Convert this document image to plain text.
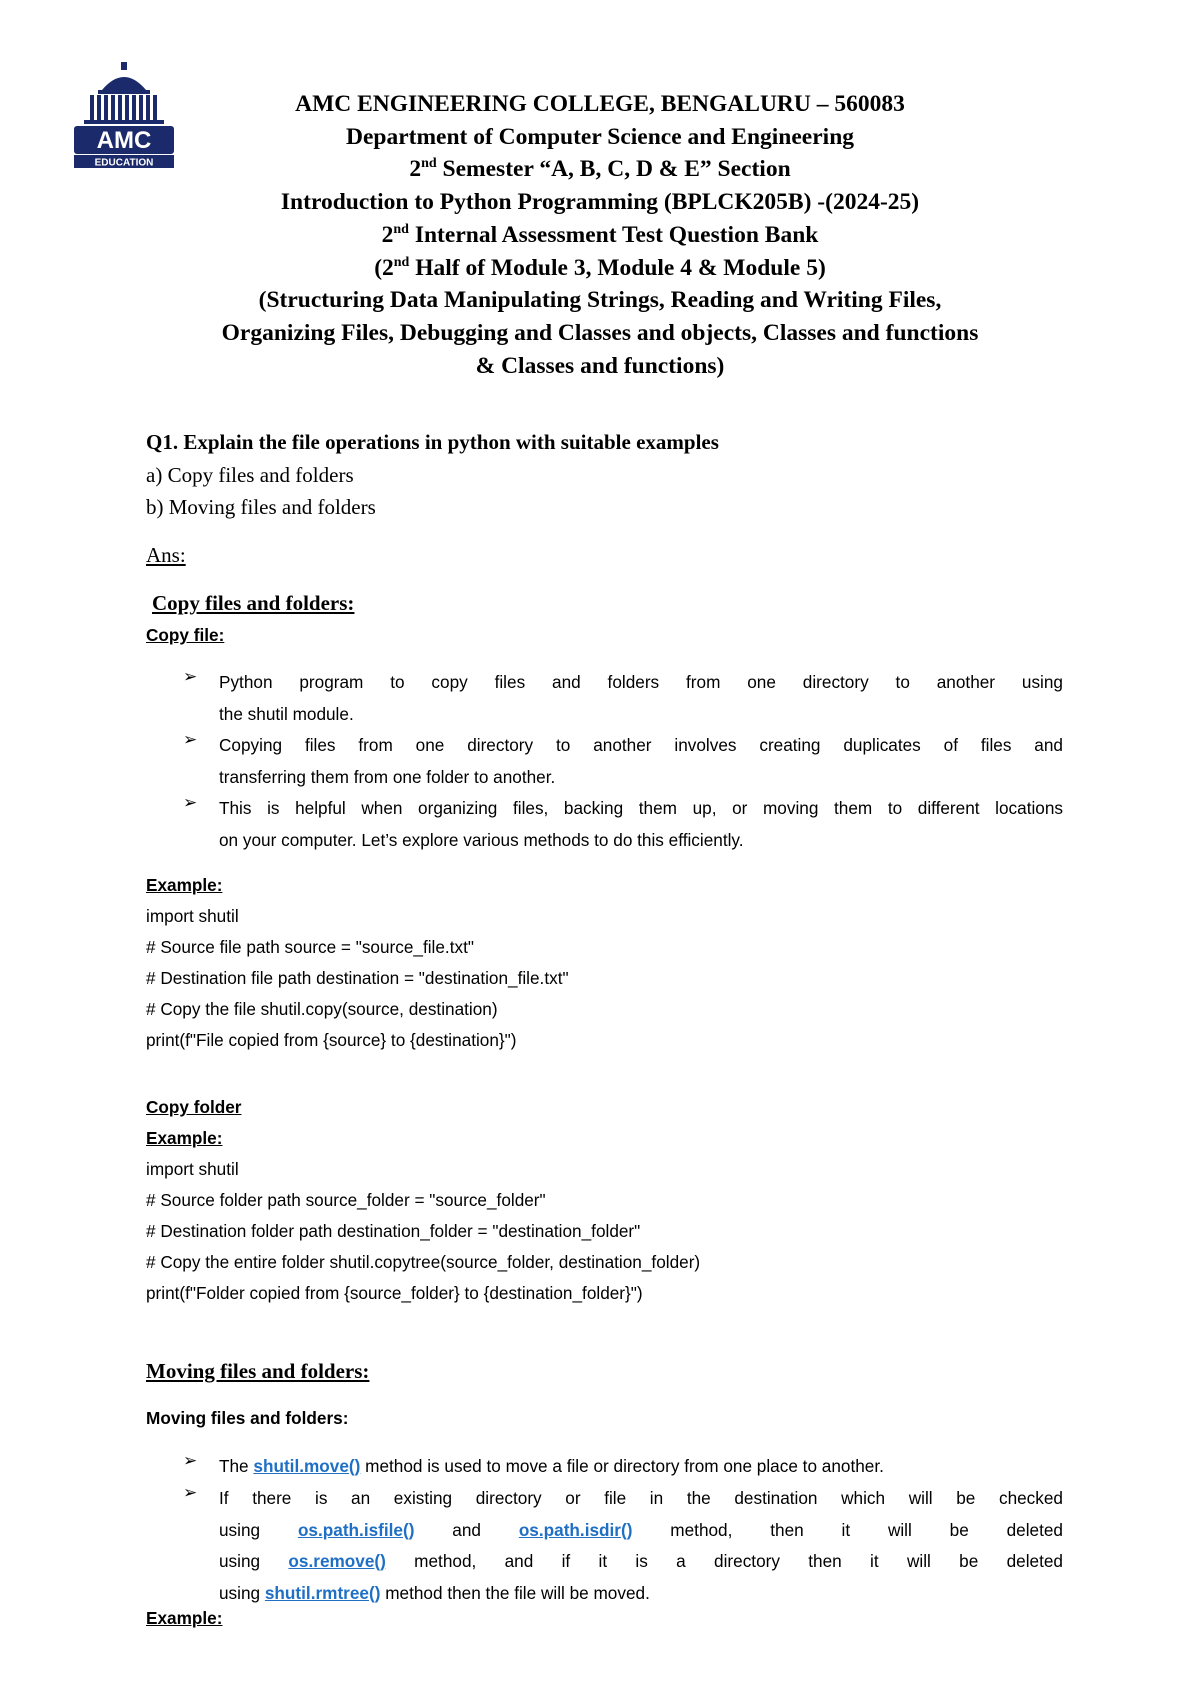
AMC
EDUCATION
AMC ENGINEERING COLLEGE, BENGALURU – 560083
Department of Computer Science and Engineering
2nd Semester “A, B, C, D & E” Section
Introduction to Python Programming (BPLCK205B) -(2024-25)
2nd Internal Assessment Test Question Bank
(2nd Half of Module 3, Module 4 & Module 5)
(Structuring Data Manipulating Strings, Reading and Writing Files,
Organizing Files, Debugging and Classes and objects, Classes and functions
& Classes and functions)
Q1. Explain the file operations in python with suitable examples
a) Copy files and folders
b) Moving files and folders
Ans:
Copy files and folders:
Copy file:
➢ Python program to copy files and folders from one directory to another using
the shutil module.
➢ Copying files from one directory to another involves creating duplicates of files and
transferring them from one folder to another.
➢ This is helpful when organizing files, backing them up, or moving them to different locations
on your computer. Let’s explore various methods to do this efficiently.
Example:
import shutil
# Source file path source = "source_file.txt"
# Destination file path destination = "destination_file.txt"
# Copy the file shutil.copy(source, destination)
print(f"File copied from {source} to {destination}")
Copy folder
Example:
import shutil
# Source folder path source_folder = "source_folder"
# Destination folder path destination_folder = "destination_folder"
# Copy the entire folder shutil.copytree(source_folder, destination_folder)
print(f"Folder copied from {source_folder} to {destination_folder}")
Moving files and folders:
Moving files and folders:
➢ The shutil.move() method is used to move a file or directory from one place to another.
➢ If there is an existing directory or file in the destination which will be checked
using os.path.isfile() and os.path.isdir() method, then it will be deleted
using os.remove() method, and if it is a directory then it will be deleted
using shutil.rmtree() method then the file will be moved.
Example:
